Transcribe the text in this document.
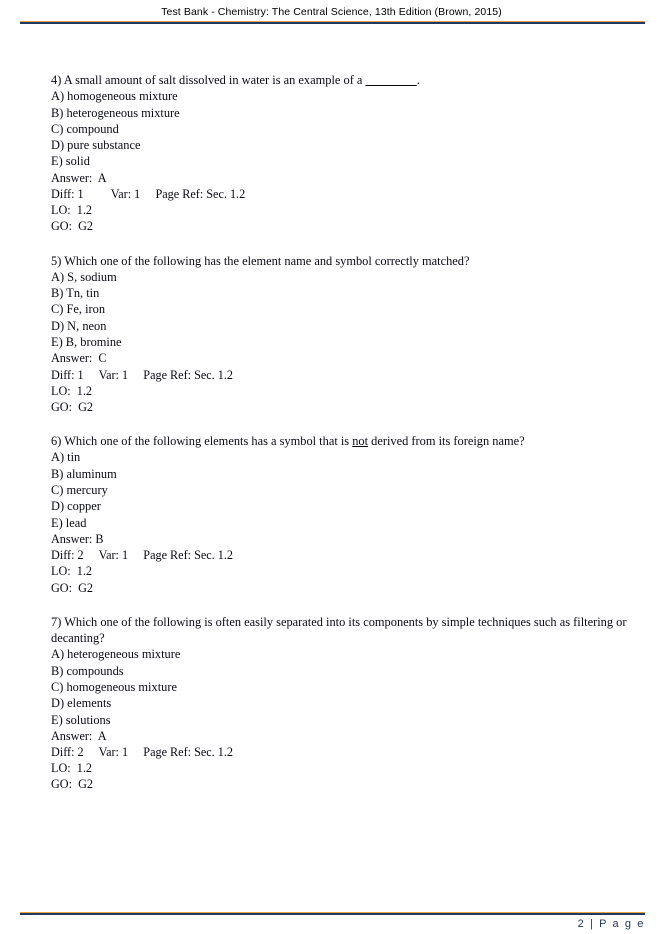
Test Bank - Chemistry: The Central Science, 13th Edition (Brown, 2015)
4) A small amount of salt dissolved in water is an example of a ________.
A) homogeneous mixture
B) heterogeneous mixture
C) compound
D) pure substance
E) solid
Answer:  A
Diff: 1         Var: 1     Page Ref: Sec. 1.2
LO:  1.2
GO:  G2
5) Which one of the following has the element name and symbol correctly matched?
A) S, sodium
B) Tn, tin
C) Fe, iron
D) N, neon
E) B, bromine
Answer:  C
Diff: 1     Var: 1     Page Ref: Sec. 1.2
LO:  1.2
GO:  G2
6) Which one of the following elements has a symbol that is not derived from its foreign name?
A) tin
B) aluminum
C) mercury
D) copper
E) lead
Answer: B
Diff: 2     Var: 1     Page Ref: Sec. 1.2
LO:  1.2
GO:  G2
7) Which one of the following is often easily separated into its components by simple techniques such as filtering or decanting?
A) heterogeneous mixture
B) compounds
C) homogeneous mixture
D) elements
E) solutions
Answer:  A
Diff: 2     Var: 1     Page Ref: Sec. 1.2
LO:  1.2
GO:  G2
2 | P a g e
